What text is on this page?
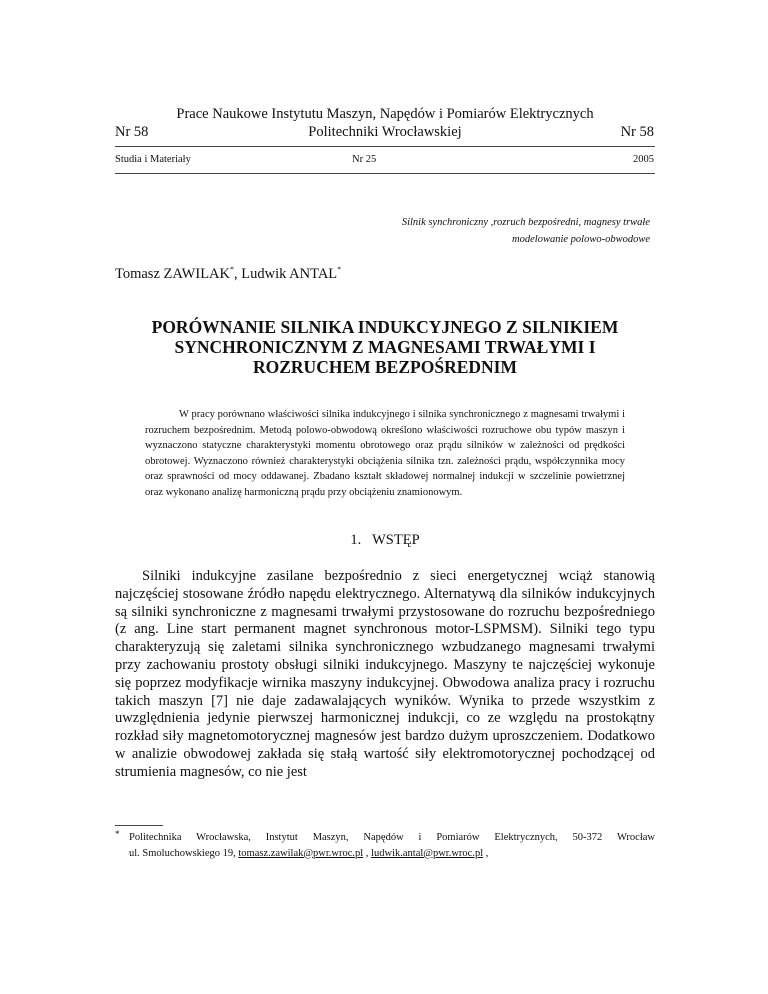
Prace Naukowe Instytutu Maszyn, Napędów i Pomiarów Elektrycznych
Nr 58	Politechniki Wrocławskiej	Nr 58
Studia i Materiały	Nr 25	2005
Silnik synchroniczny ,rozruch bezpośredni, magnesy trwałe
modelowanie polowo-obwodowe
Tomasz ZAWILAK*, Ludwik ANTAL*
PORÓWNANIE SILNIKA INDUKCYJNEGO Z SILNIKIEM
SYNCHRONICZNYM Z MAGNESAMI TRWAŁYMI I
ROZRUCHEM BEZPOŚREDNIM
W pracy porównano właściwości silnika indukcyjnego i silnika synchronicznego z magnesami trwałymi i rozruchem bezpośrednim. Metodą polowo-obwodową określono właściwości rozruchowe obu typów maszyn i wyznaczono statyczne charakterystyki momentu obrotowego oraz prądu silników w zależności od prędkości obrotowej. Wyznaczono również charakterystyki obciążenia silnika tzn. zależności prądu, współczynnika mocy oraz sprawności od mocy oddawanej. Zbadano kształt składowej normalnej indukcji w szczelinie powietrznej oraz wykonano analizę harmoniczną prądu przy obciążeniu znamionowym.
1. WSTĘP
Silniki indukcyjne zasilane bezpośrednio z sieci energetycznej wciąż stanowią najczęściej stosowane źródło napędu elektrycznego. Alternatywą dla silników indukcyjnych są silniki synchroniczne z magnesami trwałymi przystosowane do rozruchu bezpośredniego (z ang. Line start permanent magnet synchronous motor-LSPMSM). Silniki tego typu charakteryzują się zaletami silnika synchronicznego wzbudzanego magnesami trwałymi przy zachowaniu prostoty obsługi silniki indukcyjnego. Maszyny te najczęściej wykonuje się poprzez modyfikacje wirnika maszyny indukcyjnej. Obwodowa analiza pracy i rozruchu takich maszyn [7] nie daje zadawalających wyników. Wynika to przede wszystkim z uwzględnienia jedynie pierwszej harmonicznej indukcji, co ze względu na prostokątny rozkład siły magnetomotorycznej magnesów jest bardzo dużym uproszczeniem. Dodatkowo w analizie obwodowej zakłada się stałą wartość siły elektromotorycznej pochodzącej od strumienia magnesów, co nie jest
* Politechnika Wrocławska, Instytut Maszyn, Napędów i Pomiarów Elektrycznych, 50-372 Wrocław
ul. Smoluchowskiego 19, tomasz.zawilak@pwr.wroc.pl , ludwik.antal@pwr.wroc.pl ,
